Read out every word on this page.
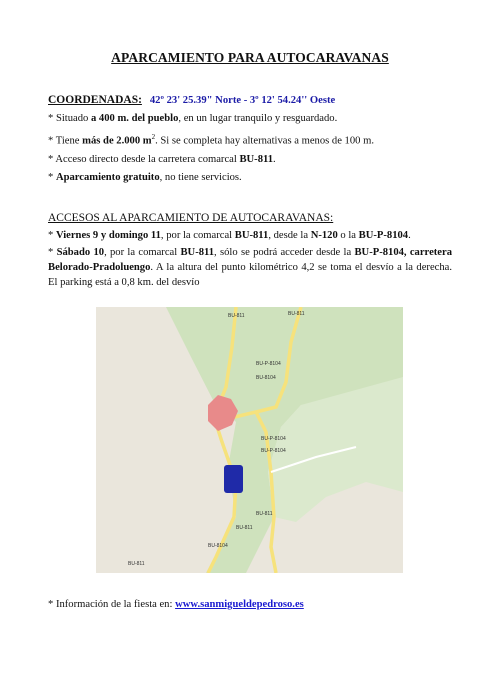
APARCAMIENTO PARA AUTOCARAVANAS
COORDENADAS: 42º 23' 25.39" Norte - 3º 12' 54.24'' Oeste
* Situado a 400 m. del pueblo, en un lugar tranquilo y resguardado.
* Tiene más de 2.000 $m^2$. Si se completa hay alternativas a menos de 100 m.
* Acceso directo desde la carretera comarcal BU-811.
* Aparcamiento gratuito, no tiene servicios.
ACCESOS AL APARCAMIENTO DE AUTOCARAVANAS:
* Viernes 9 y domingo 11, por la comarcal BU-811, desde la N-120 o la BU-P-8104.
* Sábado 10, por la comarcal BU-811, sólo se podrá acceder desde la BU-P-8104, carretera Belorado-Pradoluengo. A la altura del punto kilométrico 4,2 se toma el desvío a la derecha. El parking está a 0,8 km. del desvío
BU-811	BU-811
BU-P-8104
BU-8104
BU-P-8104
BU-P-8104
BU-811
BU-811
BU-8104
BU-811
* Información de la fiesta en: www.sanmigueldepedroso.es
